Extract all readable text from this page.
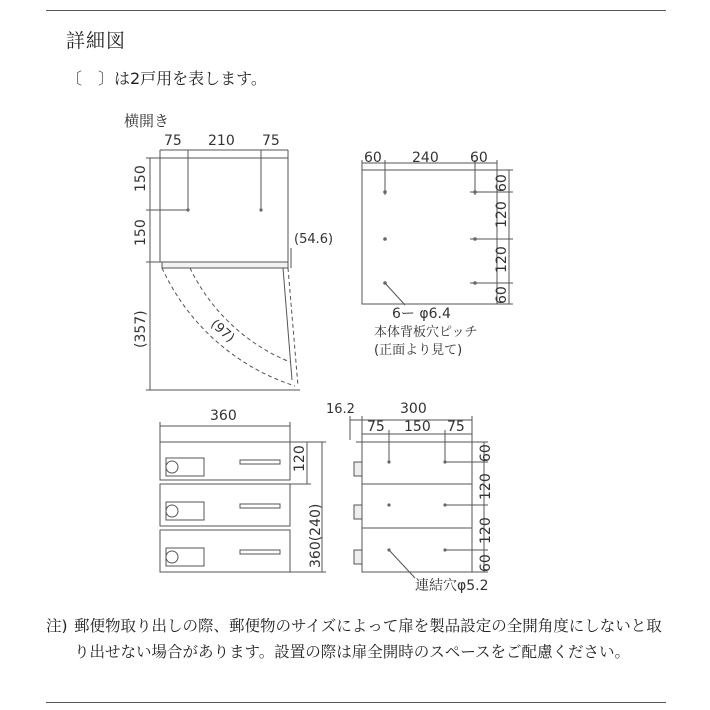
詳細図
〔　〕は2戸用を表します。
横開き
75 210 75
150
150	(54.6)
(357)	(97)
60 240 60
60
120
120
60
6ー φ6.4
本体背板穴ピッチ
(正面より見て)
360
120
360(240)
16.2	300
75 150 75
60
120
120
60
連結穴φ5.2
注) 郵便物取り出しの際、郵便物のサイズによって扉を製品設定の全開角度にしないと取り出せない場合があります。設置の際は扉全開時のスペースをご配慮ください。
